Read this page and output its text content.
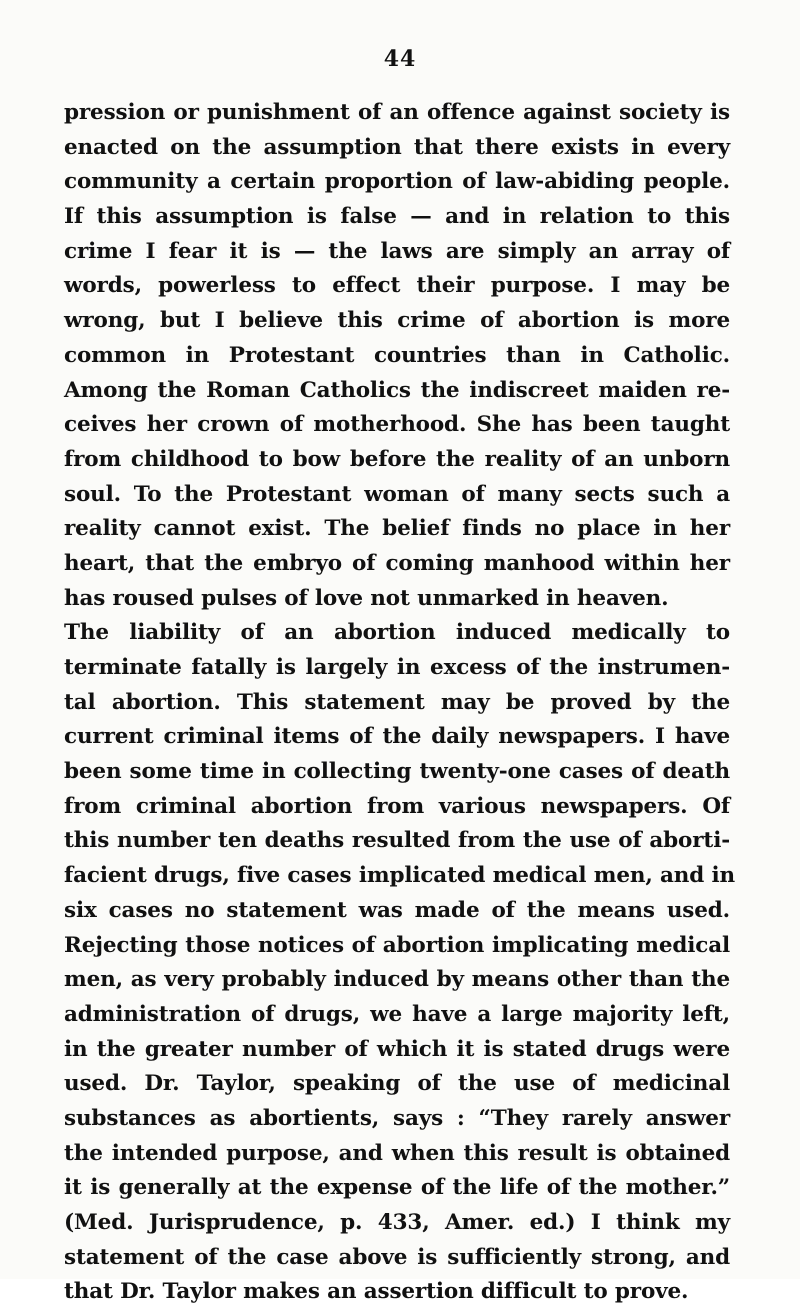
44
pression or punishment of an offence against society is
enacted on the assumption that there exists in every
community a certain proportion of law-abiding people.
If this assumption is false — and in relation to this
crime I fear it is — the laws are simply an array of
words, powerless to effect their purpose. I may be
wrong, but I believe this crime of abortion is more
common in Protestant countries than in Catholic.
Among the Roman Catholics the indiscreet maiden re-
ceives her crown of motherhood. She has been taught
from childhood to bow before the reality of an unborn
soul. To the Protestant woman of many sects such a
reality cannot exist. The belief finds no place in her
heart, that the embryo of coming manhood within her
has roused pulses of love not unmarked in heaven.
The liability of an abortion induced medically to
terminate fatally is largely in excess of the instrumen-
tal abortion. This statement may be proved by the
current criminal items of the daily newspapers. I have
been some time in collecting twenty-one cases of death
from criminal abortion from various newspapers. Of
this number ten deaths resulted from the use of aborti-
facient drugs, five cases implicated medical men, and in
six cases no statement was made of the means used.
Rejecting those notices of abortion implicating medical
men, as very probably induced by means other than the
administration of drugs, we have a large majority left,
in the greater number of which it is stated drugs were
used. Dr. Taylor, speaking of the use of medicinal
substances as abortients, says : “They rarely answer
the intended purpose, and when this result is obtained
it is generally at the expense of the life of the mother.”
(Med. Jurisprudence, p. 433, Amer. ed.) I think my
statement of the case above is sufficiently strong, and
that Dr. Taylor makes an assertion difficult to prove.
